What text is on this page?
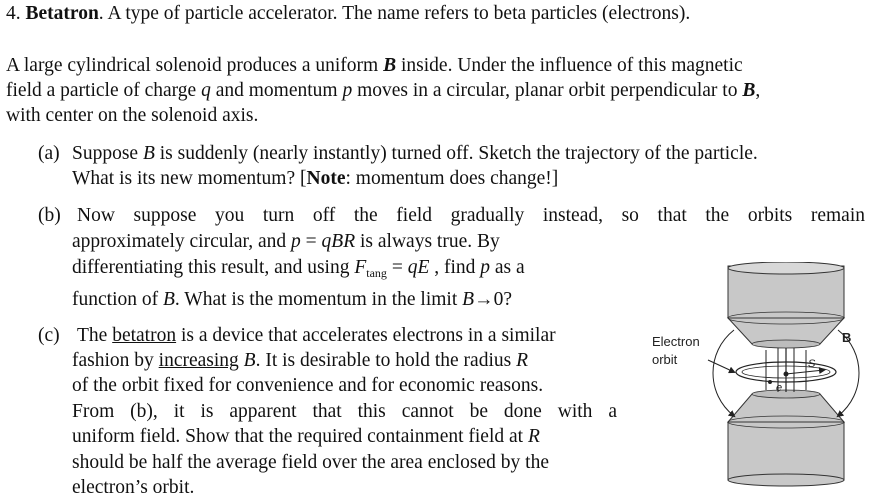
4. Betatron. A type of particle accelerator. The name refers to beta particles (electrons).
A large cylindrical solenoid produces a uniform B inside. Under the influence of this magnetic
field a particle of charge q and momentum p moves in a circular, planar orbit perpendicular to B,
with center on the solenoid axis.
(a) Suppose B is suddenly (nearly instantly) turned off. Sketch the trajectory of the particle.
What is its new momentum? [Note: momentum does change!]
(b) Now suppose you turn off the field gradually instead, so that the orbits remain
approximately circular, and p = qBR is always true. By
differentiating this result, and using $F_{tang}$ = qE , find p as a
function of B. What is the momentum in the limit B→0?
(c) The betatron is a device that accelerates electrons in a similar
fashion by increasing B. It is desirable to hold the radius R
of the orbit fixed for convenience and for economic reasons.
From (b), it is apparent that this cannot be done with a
uniform field. Show that the required containment field at R
should be half the average field over the area enclosed by the
electron’s orbit.
Electron
orbit
B
S
e
